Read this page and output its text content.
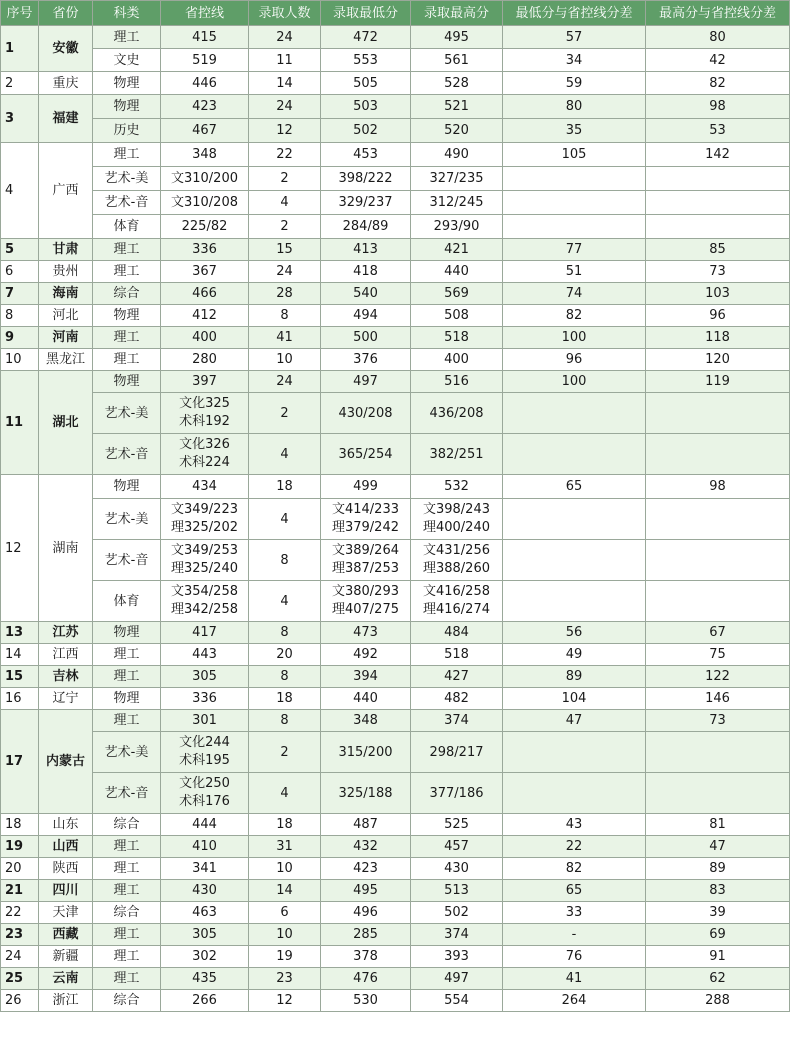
序号	省份	科类	省控线	录取人数	录取最低分	录取最高分	最低分与省控线分差	最高分与省控线分差
1	安徽	理工	415	24	472	495	57	80
		文史	519	11	553	561	34	42
2	重庆	物理	446	14	505	528	59	82
3	福建	物理	423	24	503	521	80	98
		历史	467	12	502	520	35	53
4	广西	理工	348	22	453	490	105	142
		艺术-美	文310/200	2	398/222	327/235		
		艺术-音	文310/208	4	329/237	312/245		
		体育	225/82	2	284/89	293/90		
5	甘肃	理工	336	15	413	421	77	85
6	贵州	理工	367	24	418	440	51	73
7	海南	综合	466	28	540	569	74	103
8	河北	物理	412	8	494	508	82	96
9	河南	理工	400	41	500	518	100	118
10	黑龙江	理工	280	10	376	400	96	120
11	湖北	物理	397	24	497	516	100	119
		艺术-美	文化325
术科192	2	430/208	436/208		
		艺术-音	文化326
术科224	4	365/254	382/251		
12	湖南	物理	434	18	499	532	65	98
		艺术-美	文349/223
理325/202	4	文414/233
理379/242	文398/243
理400/240		

		艺术-音	文349/253
理325/240	8	文389/264
理387/253	文431/256
理388/260		

		体育	文354/258
理342/258	4	文380/293
理407/275	文416/258
理416/274		

13	江苏	物理	417	8	473	484	56	67
14	江西	理工	443	20	492	518	49	75
15	吉林	理工	305	8	394	427	89	122
16	辽宁	物理	336	18	440	482	104	146
17	内蒙古	理工	301	8	348	374	47	73
		艺术-美	文化244
术科195	2	315/200	298/217		
		艺术-音	文化250
术科176	4	325/188	377/186		
18	山东	综合	444	18	487	525	43	81
19	山西	理工	410	31	432	457	22	47
20	陕西	理工	341	10	423	430	82	89
21	四川	理工	430	14	495	513	65	83
22	天津	综合	463	6	496	502	33	39
23	西藏	理工	305	10	285	374	-	69
24	新疆	理工	302	19	378	393	76	91
25	云南	理工	435	23	476	497	41	62
26	浙江	综合	266	12	530	554	264	288
